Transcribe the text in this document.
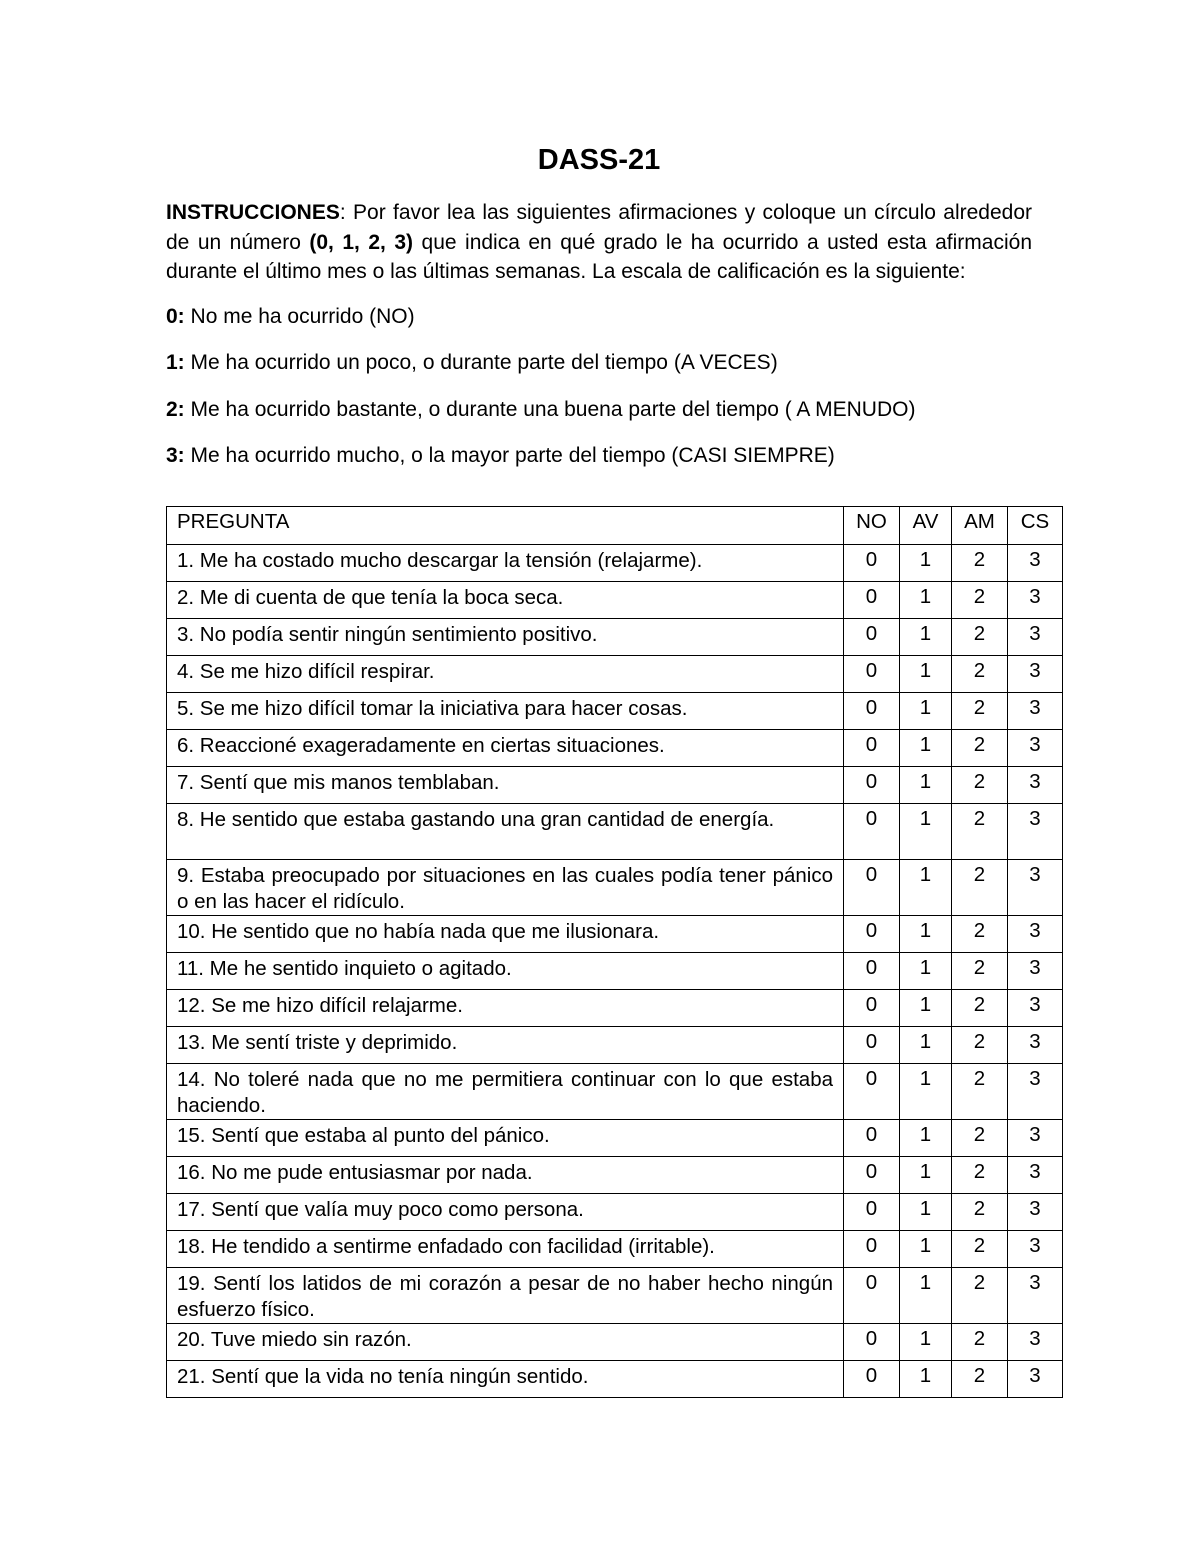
DASS-21

INSTRUCCIONES: Por favor lea las siguientes afirmaciones y coloque un círculo alrededor de un número (0, 1, 2, 3) que indica en qué grado le ha ocurrido a usted esta afirmación durante el último mes o las últimas semanas. La escala de calificación es la siguiente:

0: No me ha ocurrido (NO)
1: Me ha ocurrido un poco, o durante parte del tiempo (A VECES)
2: Me ha ocurrido bastante, o durante una buena parte del tiempo ( A MENUDO)
3: Me ha ocurrido mucho, o la mayor parte del tiempo (CASI SIEMPRE)
PREGUNTA	NO	AV	AM	CS
1. Me ha costado mucho descargar la tensión (relajarme).	0	1	2	3
2. Me di cuenta de que tenía la boca seca.	0	1	2	3
3. No podía sentir ningún sentimiento positivo.	0	1	2	3
4. Se me hizo difícil respirar.	0	1	2	3
5. Se me hizo difícil tomar la iniciativa para hacer cosas.	0	1	2	3
6. Reaccioné exageradamente en ciertas situaciones.	0	1	2	3
7. Sentí que mis manos temblaban.	0	1	2	3
8. He sentido que estaba gastando una gran cantidad de energía.	0	1	2	3
9. Estaba preocupado por situaciones en las cuales podía tener pánico o en las hacer el ridículo.	0	1	2	3
10. He sentido que no había nada que me ilusionara.	0	1	2	3
11. Me he sentido inquieto o agitado.	0	1	2	3
12. Se me hizo difícil relajarme.	0	1	2	3
13. Me sentí triste y deprimido.	0	1	2	3
14. No toleré nada que no me permitiera continuar con lo que estaba haciendo.	0	1	2	3
15. Sentí que estaba al punto del pánico.	0	1	2	3
16. No me pude entusiasmar por nada.	0	1	2	3
17. Sentí que valía muy poco como persona.	0	1	2	3
18. He tendido a sentirme enfadado con facilidad (irritable).	0	1	2	3
19. Sentí los latidos de mi corazón a pesar de no haber hecho ningún esfuerzo físico.	0	1	2	3
20. Tuve miedo sin razón.	0	1	2	3
21. Sentí que la vida no tenía ningún sentido.	0	1	2	3
